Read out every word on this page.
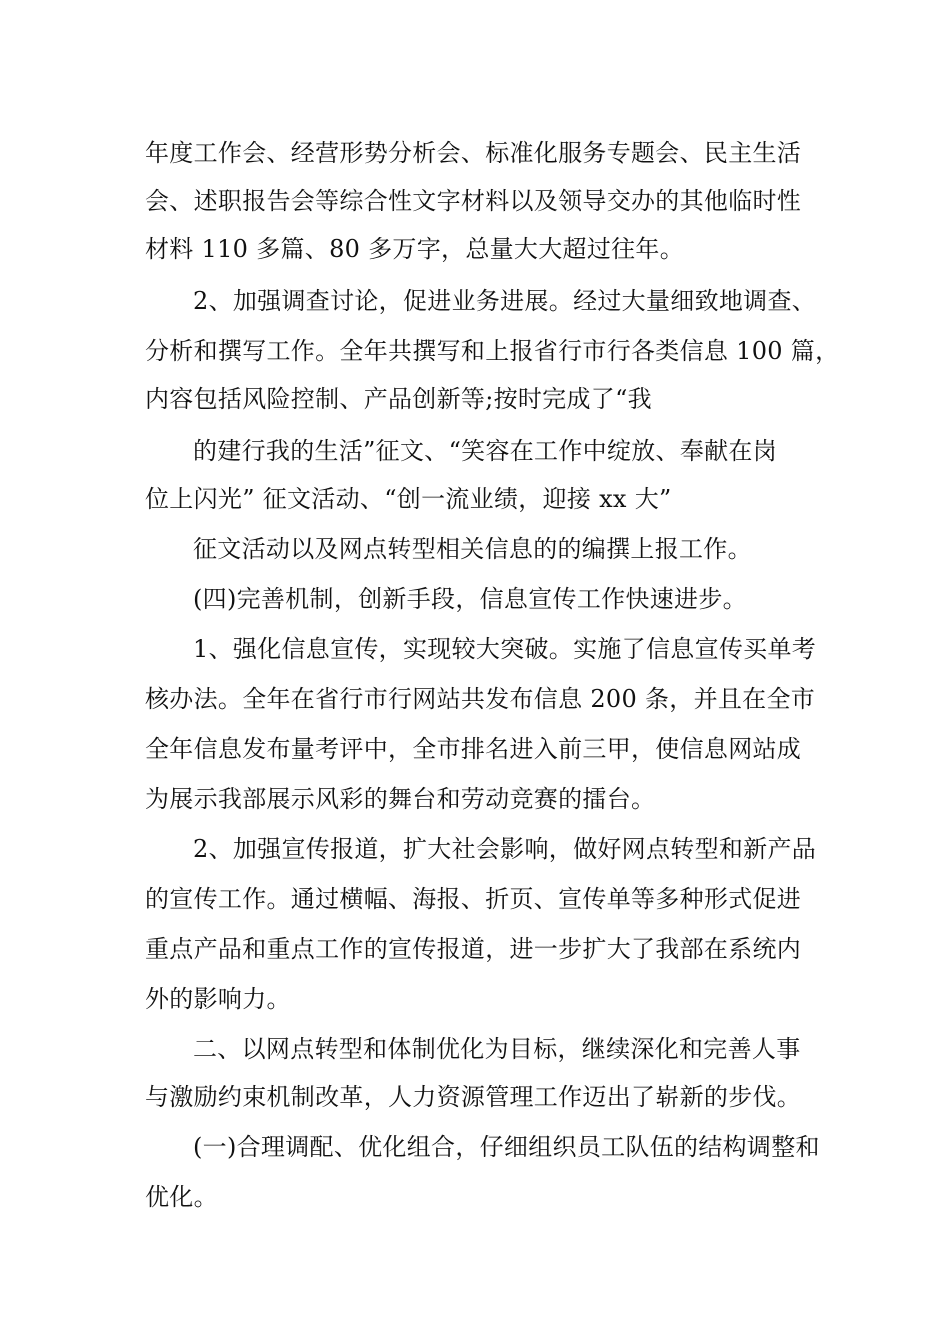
年度工作会、经营形势分析会、标准化服务专题会、民主生活
会、述职报告会等综合性文字材料以及领导交办的其他临时性
材料 110 多篇、80 多万字，总量大大超过往年。
2、加强调查讨论，促进业务进展。经过大量细致地调查、
分析和撰写工作。全年共撰写和上报省行市行各类信息 100 篇，
内容包括风险控制、产品创新等;按时完成了“我
的建行我的生活”征文、“笑容在工作中绽放、奉献在岗
位上闪光” 征文活动、“创一流业绩，迎接 xx 大”
征文活动以及网点转型相关信息的的编撰上报工作。
(四)完善机制，创新手段，信息宣传工作快速进步。
1、强化信息宣传，实现较大突破。实施了信息宣传买单考
核办法。全年在省行市行网站共发布信息 200 条，并且在全市
全年信息发布量考评中，全市排名进入前三甲，使信息网站成
为展示我部展示风彩的舞台和劳动竞赛的擂台。
2、加强宣传报道，扩大社会影响，做好网点转型和新产品
的宣传工作。通过横幅、海报、折页、宣传单等多种形式促进
重点产品和重点工作的宣传报道，进一步扩大了我部在系统内
外的影响力。
二、以网点转型和体制优化为目标，继续深化和完善人事
与激励约束机制改革，人力资源管理工作迈出了崭新的步伐。
(一)合理调配、优化组合，仔细组织员工队伍的结构调整和
优化。
